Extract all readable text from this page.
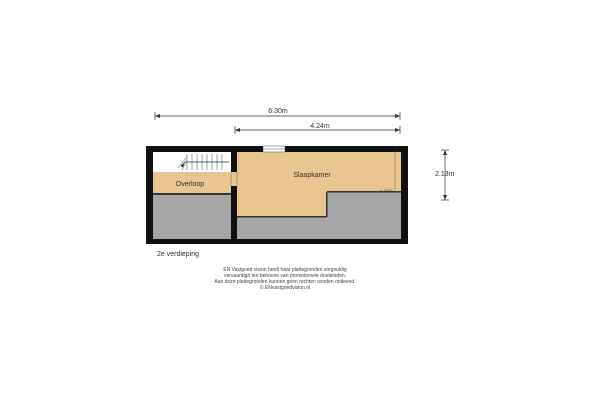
6.30m
4.24m
2.13m
+ 1500
Overloop
Slaapkamer
2e verdieping
EN Vastgoed vision heeft haar plattegronden zorgvuldig
vervaardigd ten behoeve van promotionele doeleinden.
Aan deze plattegronden kunnen geen rechten worden ontleend.
© ENvastgoedvision.nl
